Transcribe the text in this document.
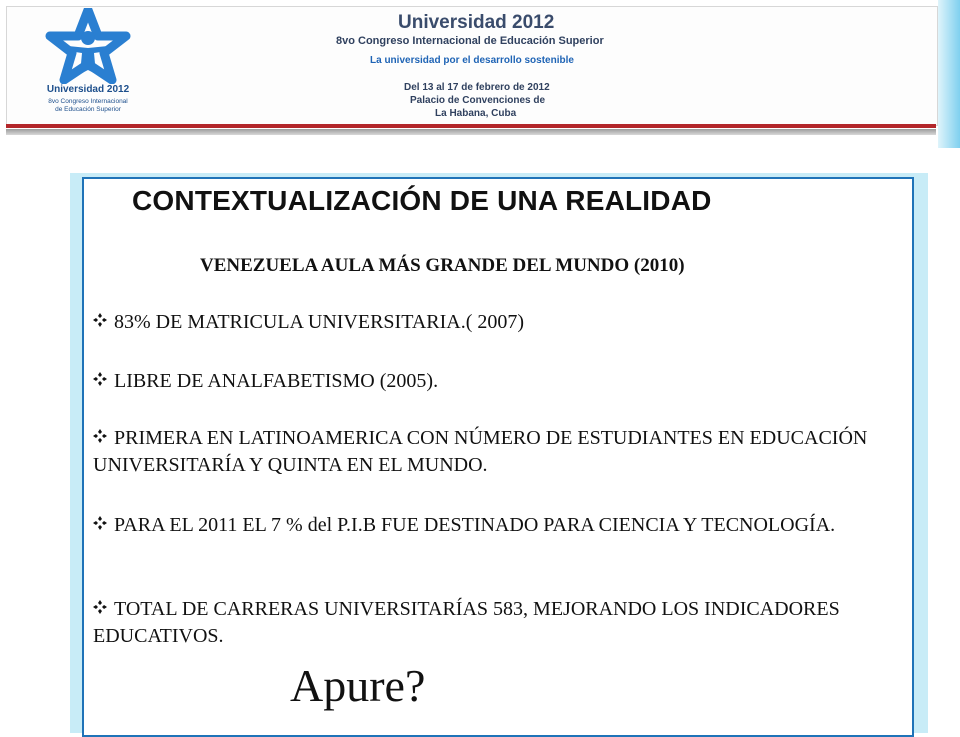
Universidad 2012
8vo Congreso Internacional
de Educación Superior
Universidad 2012
8vo Congreso Internacional de Educación Superior
La universidad por el desarrollo sostenible
Del 13 al 17 de febrero de 2012
Palacio de Convenciones de
La Habana, Cuba
CONTEXTUALIZACIÓN DE UNA REALIDAD
VENEZUELA AULA MÁS GRANDE DEL MUNDO (2010)
83% DE MATRICULA UNIVERSITARIA.( 2007)
LIBRE DE ANALFABETISMO (2005).
PRIMERA EN LATINOAMERICA CON NÚMERO DE ESTUDIANTES EN EDUCACIÓN UNIVERSITARÍA Y QUINTA EN EL MUNDO.
PARA EL 2011 EL 7 % del P.I.B FUE DESTINADO PARA CIENCIA Y TECNOLOGÍA.
TOTAL DE CARRERAS UNIVERSITARÍAS 583, MEJORANDO LOS INDICADORES EDUCATIVOS.
Apure?
